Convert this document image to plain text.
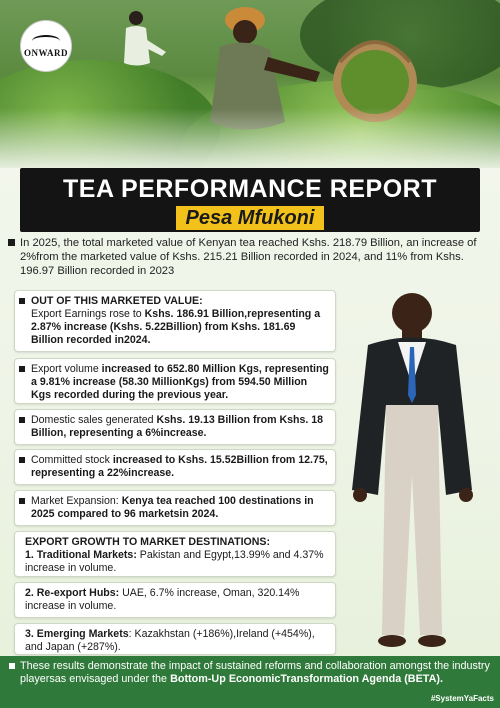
ONWARD
TEA PERFORMANCE REPORT
Pesa Mfukoni
In 2025, the total marketed value of Kenyan tea reached Kshs. 218.79 Billion, an increase of 2%from the marketed value of Kshs. 215.21 Billion recorded in 2024, and 11% from Kshs. 196.97 Billion recorded in 2023
OUT OF THIS MARKETED VALUE:
Export Earnings rose to Kshs. 186.91 Billion,representing a 2.87% increase (Kshs. 5.22Billion) from Kshs. 181.69 Billion recorded in2024.
Export volume increased to 652.80 Million Kgs, representing a 9.81% increase (58.30 MillionKgs) from 594.50 Million Kgs recorded during the previous year.
Domestic sales generated Kshs. 19.13 Billion from Kshs. 18 Billion, representing a 6%increase.
Committed stock increased to Kshs. 15.52Billion from 12.75, representing a 22%increase.
Market Expansion: Kenya tea reached 100 destinations in 2025 compared to 96 marketsin 2024.
EXPORT GROWTH TO MARKET DESTINATIONS:
1. Traditional Markets: Pakistan and Egypt,13.99% and 4.37% increase in volume.
2. Re-export Hubs: UAE, 6.7% increase, Oman, 320.14% increase in volume.
3. Emerging Markets: Kazakhstan (+186%),Ireland (+454%), and Japan (+287%).
These results demonstrate the impact of sustained reforms and collaboration amongst the industry playersas envisaged under the Bottom-Up EconomicTransformation Agenda (BETA).
#SystemYaFacts
